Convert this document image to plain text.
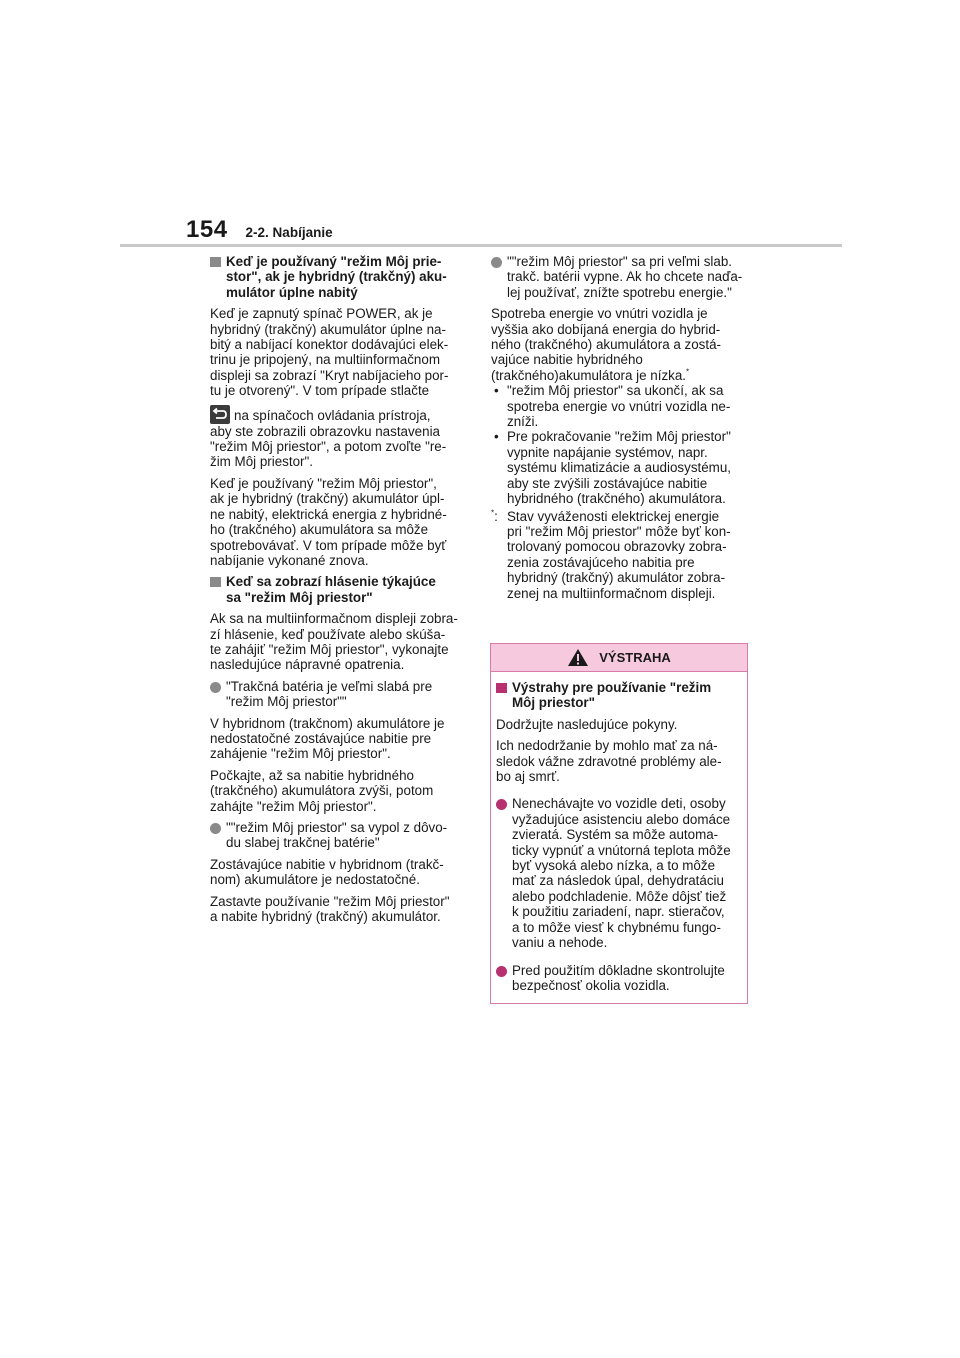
154 2-2. Nabíjanie
Keď je používaný "režim Môj prie-
stor", ak je hybridný (trakčný) aku-
mulátor úplne nabitý

Keď je zapnutý spínač POWER, ak je
hybridný (trakčný) akumulátor úplne na-
bitý a nabíjací konektor dodávajúci elek-
trinu je pripojený, na multiinformačnom
displeji sa zobrazí "Kryt nabíjacieho por-
tu je otvorený". V tom prípade stlačte

na spínačoch ovládania prístroja,

aby ste zobrazili obrazovku nastavenia
"režim Môj priestor", a potom zvoľte "re-
žim Môj priestor".

Keď je používaný "režim Môj priestor",
ak je hybridný (trakčný) akumulátor úpl-
ne nabitý, elektrická energia z hybridné-
ho (trakčného) akumulátora sa môže
spotrebovávať. V tom prípade môže byť
nabíjanie vykonané znova.

Keď sa zobrazí hlásenie týkajúce
sa "režim Môj priestor"

Ak sa na multiinformačnom displeji zobra-
zí hlásenie, keď používate alebo skúša-
te zahájiť "režim Môj priestor", vykonajte
nasledujúce nápravné opatrenia.

"Trakčná batéria je veľmi slabá pre
"režim Môj priestor""

V hybridnom (trakčnom) akumulátore je
nedostatočné zostávajúce nabitie pre
zahájenie "režim Môj priestor".

Počkajte, až sa nabitie hybridného
(trakčného) akumulátora zvýši, potom
zahájte "režim Môj priestor".

""režim Môj priestor" sa vypol z dôvo-
du slabej trakčnej batérie"

Zostávajúce nabitie v hybridnom (trakč-
nom) akumulátore je nedostatočné.

Zastavte používanie "režim Môj priestor"
a nabite hybridný (trakčný) akumulátor.

""režim Môj priestor" sa pri veľmi slab.
trakč. batérii vypne. Ak ho chcete naďa-
lej používať, znížte spotrebu energie."

Spotreba energie vo vnútri vozidla je
vyššia ako dobíjaná energia do hybrid-
ného (trakčného) akumulátora a zostá-
vajúce nabitie hybridného (trakčného)akumulátora je nízka.*

• "režim Môj priestor" sa ukončí, ak sa
spotreba energie vo vnútri vozidla ne-
zníži.
• Pre pokračovanie "režim Môj priestor"
vypnite napájanie systémov, napr.
systému klimatizácie a audiosystému,
aby ste zvýšili zostávajúce nabitie
hybridného (trakčného) akumulátora.
*: Stav vyváženosti elektrickej energie
pri "režim Môj priestor" môže byť kon-
trolovaný pomocou obrazovky zobra-
zenia zostávajúceho nabitia pre
hybridný (trakčný) akumulátor zobra-
zenej na multiinformačnom displeji.
VÝSTRAHA
Výstrahy pre používanie "režim
Môj priestor"

Dodržujte nasledujúce pokyny.

Ich nedodržanie by mohlo mať za ná-
sledok vážne zdravotné problémy ale-
bo aj smrť.

Nenechávajte vo vozidle deti, osoby
vyžadujúce asistenciu alebo domáce
zvieratá. Systém sa môže automa-
ticky vypnúť a vnútorná teplota môže
byť vysoká alebo nízka, a to môže
mať za následok úpal, dehydratáciu
alebo podchladenie. Môže dôjsť tiež
k použitiu zariadení, napr. stieračov,
a to môže viesť k chybnému fungo-
vaniu a nehode.
Pred použitím dôkladne skontrolujte
bezpečnosť okolia vozidla.
